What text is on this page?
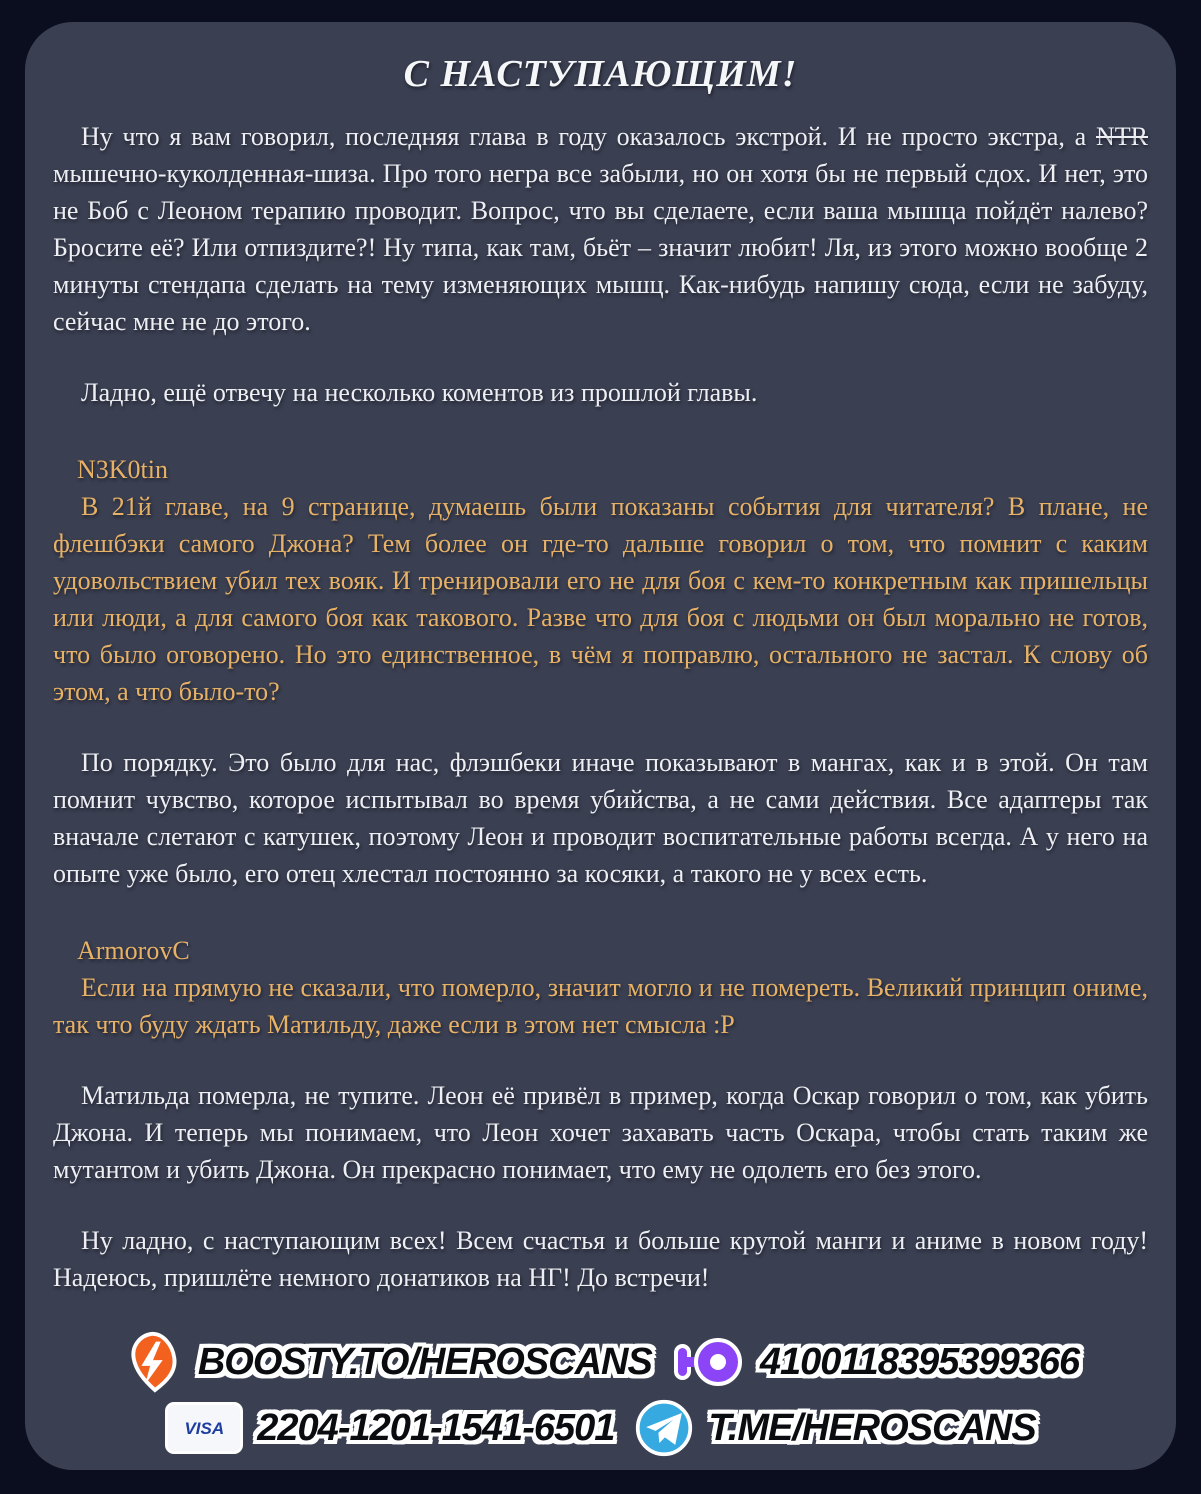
С НАСТУПАЮЩИМ!

Ну что я вам говорил, последняя глава в году оказалось экстрой. И не просто экстра, а NTR мышечно-куколденная-шиза. Про того негра все забыли, но он хотя бы не первый сдох. И нет, это не Боб с Леоном терапию проводит. Вопрос, что вы сделаете, если ваша мышца пойдёт налево? Бросите её? Или отпиздите?! Ну типа, как там, бьёт – значит любит! Ля, из этого можно вообще 2 минуты стендапа сделать на тему изменяющих мышц. Как-нибудь напишу сюда, если не забуду, сейчас мне не до этого.

Ладно, ещё отвечу на несколько коментов из прошлой главы.

N3K0tin

В 21й главе, на 9 странице, думаешь были показаны события для читателя? В плане, не флешбэки самого Джона? Тем более он где-то дальше говорил о том, что помнит с каким удовольствием убил тех вояк. И тренировали его не для боя с кем-то конкретным как пришельцы или люди, а для самого боя как такового. Разве что для боя с людьми он был морально не готов, что было оговорено. Но это единственное, в чём я поправлю, остального не застал. К слову об этом, а что было-то?

По порядку. Это было для нас, флэшбеки иначе показывают в мангах, как и в этой. Он там помнит чувство, которое испытывал во время убийства, а не сами действия. Все адаптеры так вначале слетают с катушек, поэтому Леон и проводит воспитательные работы всегда. А у него на опыте уже было, его отец хлестал постоянно за косяки, а такого не у всех есть.

ArmorovC

Если на прямую не сказали, что померло, значит могло и не помереть. Великий принцип ониме, так что буду ждать Матильду, даже если в этом нет смысла :P

Матильда померла, не тупите. Леон её привёл в пример, когда Оскар говорил о том, как убить Джона. И теперь мы понимаем, что Леон хочет захавать часть Оскара, чтобы стать таким же мутантом и убить Джона. Он прекрасно понимает, что ему не одолеть его без этого.

Ну ладно, с наступающим всех! Всем счастья и больше крутой манги и аниме в новом году! Надеюсь, пришлёте немного донатиков на НГ! До встречи!

BOOSTY.TO/HEROSCANS	4100118395399366
VISA 2204-1201-1541-6501 T.ME/HEROSCANS
